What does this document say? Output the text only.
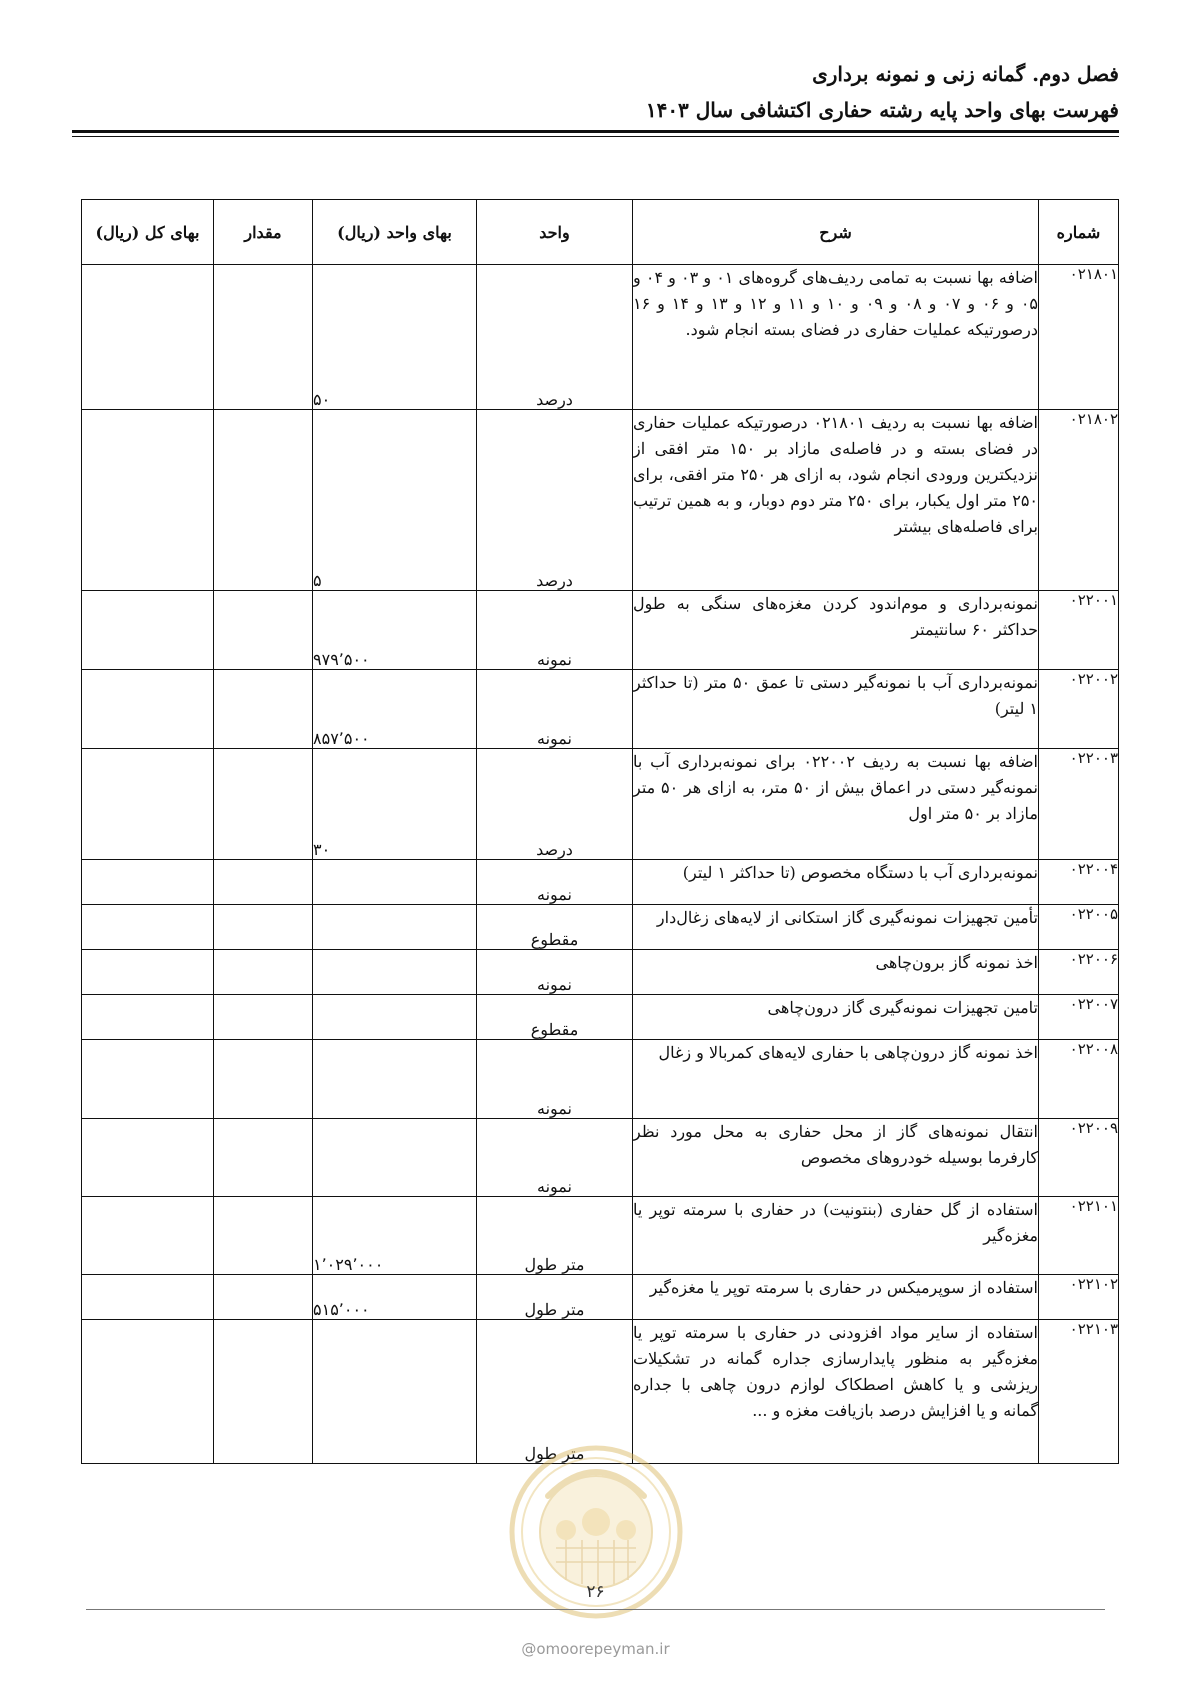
فصل دوم. گمانه زنی و نمونه برداری
فهرست بهای واحد پایه رشته حفاری اکتشافی سال ۱۴۰۳
شماره	شرح	واحد	بهای واحد (ریال)	مقدار	بهای کل (ریال)
۰۲۱۸۰۱	اضافه بها نسبت به تمامی ردیف‌های گروه‌های ۰۱ و ۰۳ و ۰۴ و ۰۵ و ۰۶ و ۰۷ و ۰۸ و ۰۹ و ۱۰ و ۱۱ و ۱۲ و ۱۳ و ۱۴ و ۱۶ درصورتیکه عملیات حفاری در فضای بسته انجام شود.	درصد	۵۰		
۰۲۱۸۰۲	اضافه بها نسبت به ردیف ۰۲۱۸۰۱ درصورتیکه عملیات حفاری در فضای بسته و در فاصله‌ی مازاد بر ۱۵۰ متر افقی از نزدیکترین ورودی انجام شود، به ازای هر ۲۵۰ متر افقی، برای ۲۵۰ متر اول یکبار، برای ۲۵۰ متر دوم دوبار، و به همین ترتیب برای فاصله‌های بیشتر	درصد	۵		
۰۲۲۰۰۱	نمونه‌برداری و موم‌اندود کردن مغزه‌های سنگی به طول حداکثر ۶۰ سانتیمتر	نمونه	۹۷۹٬۵۰۰		
۰۲۲۰۰۲	نمونه‌برداری آب با نمونه‌گیر دستی تا عمق ۵۰ متر (تا حداکثر ۱ لیتر)	نمونه	۸۵۷٬۵۰۰		
۰۲۲۰۰۳	اضافه بها نسبت به ردیف ۰۲۲۰۰۲ برای نمونه‌برداری آب با نمونه‌گیر دستی در اعماق بیش از ۵۰ متر، به ازای هر ۵۰ متر مازاد بر ۵۰ متر اول	درصد	۳۰		
۰۲۲۰۰۴	نمونه‌برداری آب با دستگاه مخصوص (تا حداکثر ۱ لیتر)	نمونه			
۰۲۲۰۰۵	تأمین تجهیزات نمونه‌گیری گاز استکانی از لایه‌های زغال‌دار	مقطوع			
۰۲۲۰۰۶	اخذ نمونه گاز برون‌چاهی	نمونه			
۰۲۲۰۰۷	تامین تجهیزات نمونه‌گیری گاز درون‌چاهی	مقطوع			
۰۲۲۰۰۸	اخذ نمونه گاز درون‌چاهی با حفاری لایه‌های کمربالا و زغال	نمونه			
۰۲۲۰۰۹	انتقال نمونه‌های گاز از محل حفاری به محل مورد نظر کارفرما بوسیله خودروهای مخصوص	نمونه			
۰۲۲۱۰۱	استفاده از گل حفاری (بنتونیت) در حفاری با سرمته توپر یا مغزه‌گیر	متر طول	۱٬۰۲۹٬۰۰۰		
۰۲۲۱۰۲	استفاده از سوپرمیکس در حفاری با سرمته توپر یا مغزه‌گیر	متر طول	۵۱۵٬۰۰۰		
۰۲۲۱۰۳	استفاده از سایر مواد افزودنی در حفاری با سرمته توپر یا مغزه‌گیر به منظور پایدارسازی جداره گمانه در تشکیلات ریزشی و یا کاهش اصطکاک لوازم درون چاهی با جداره گمانه و یا افزایش درصد بازیافت مغزه و ...	متر طول			
۲۶
@omoorepeyman.ir
